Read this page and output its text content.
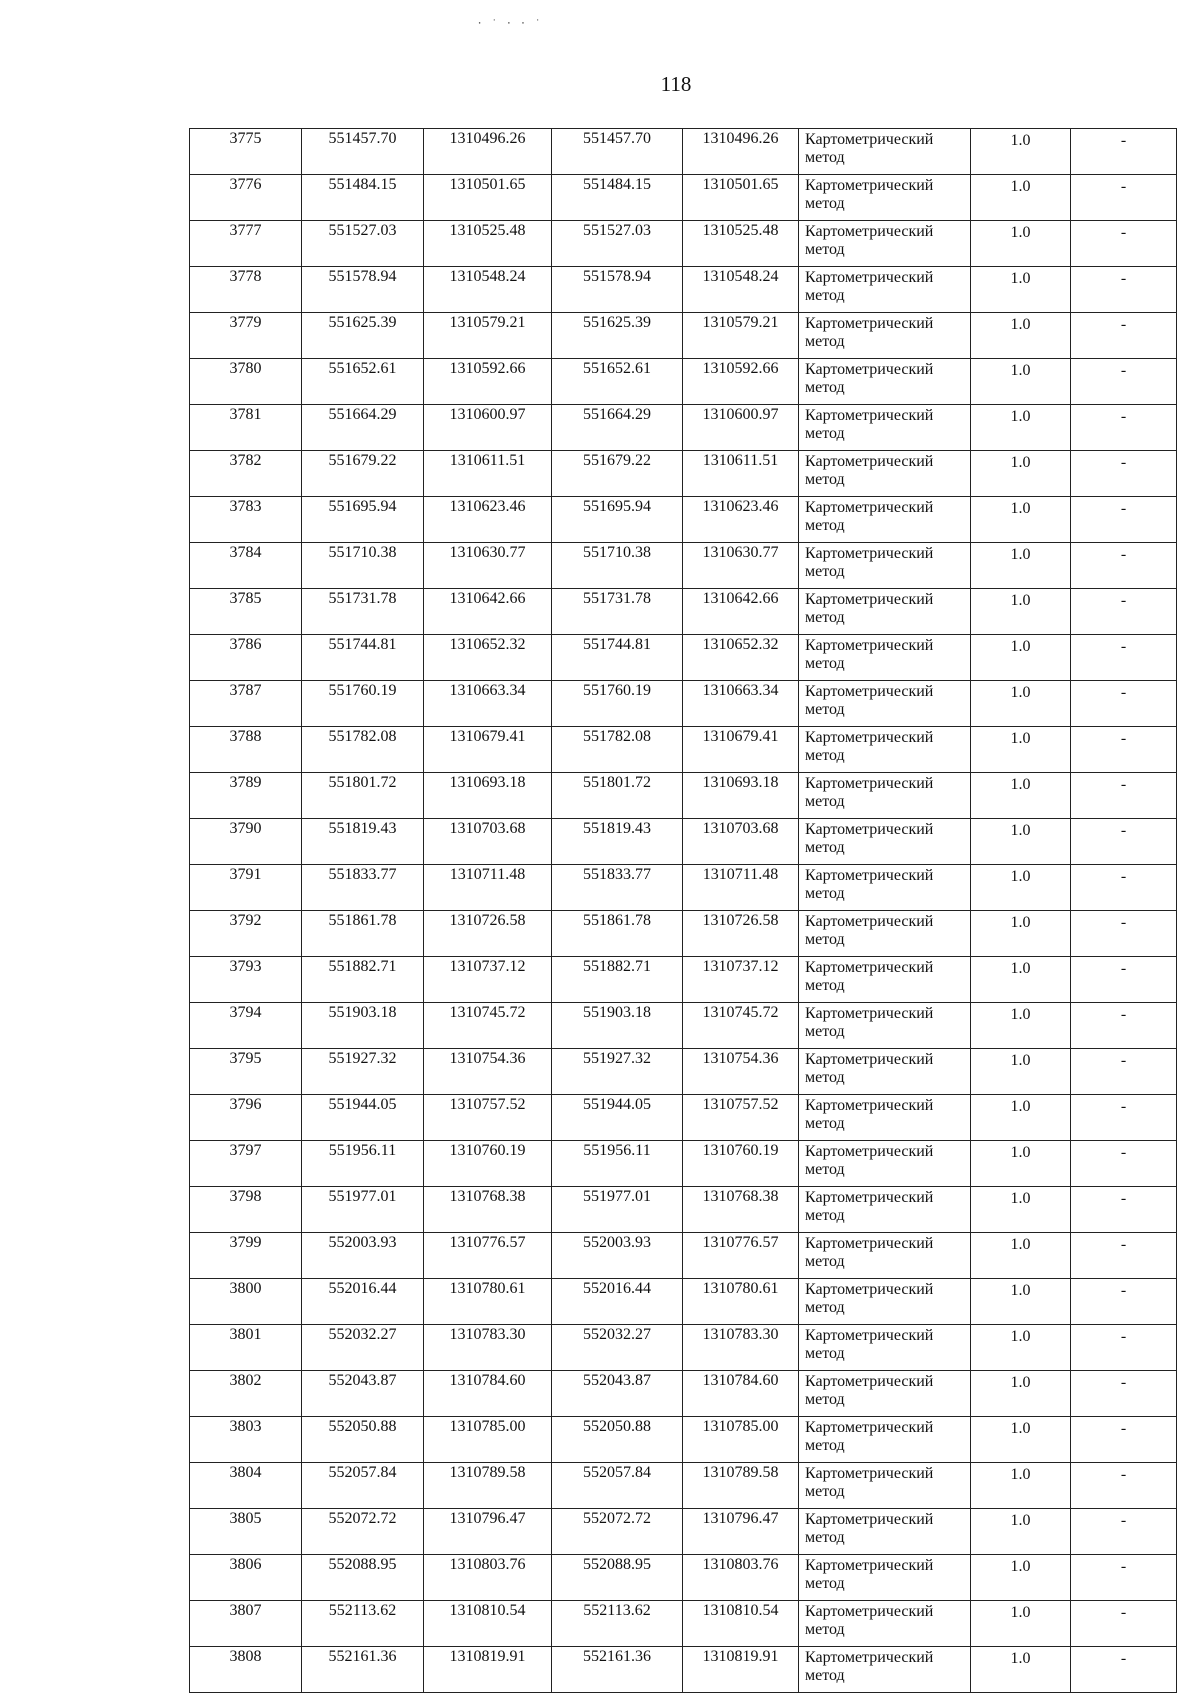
⸱ ˙ ⸱ ⸱ ˙
118
3775	551457.70	1310496.26	551457.70	1310496.26	Картометрический
метод	1.0	-
3776	551484.15	1310501.65	551484.15	1310501.65	Картометрический
метод	1.0	-
3777	551527.03	1310525.48	551527.03	1310525.48	Картометрический
метод	1.0	-
3778	551578.94	1310548.24	551578.94	1310548.24	Картометрический
метод	1.0	-
3779	551625.39	1310579.21	551625.39	1310579.21	Картометрический
метод	1.0	-
3780	551652.61	1310592.66	551652.61	1310592.66	Картометрический
метод	1.0	-
3781	551664.29	1310600.97	551664.29	1310600.97	Картометрический
метод	1.0	-
3782	551679.22	1310611.51	551679.22	1310611.51	Картометрический
метод	1.0	-
3783	551695.94	1310623.46	551695.94	1310623.46	Картометрический
метод	1.0	-
3784	551710.38	1310630.77	551710.38	1310630.77	Картометрический
метод	1.0	-
3785	551731.78	1310642.66	551731.78	1310642.66	Картометрический
метод	1.0	-
3786	551744.81	1310652.32	551744.81	1310652.32	Картометрический
метод	1.0	-
3787	551760.19	1310663.34	551760.19	1310663.34	Картометрический
метод	1.0	-
3788	551782.08	1310679.41	551782.08	1310679.41	Картометрический
метод	1.0	-
3789	551801.72	1310693.18	551801.72	1310693.18	Картометрический
метод	1.0	-
3790	551819.43	1310703.68	551819.43	1310703.68	Картометрический
метод	1.0	-
3791	551833.77	1310711.48	551833.77	1310711.48	Картометрический
метод	1.0	-
3792	551861.78	1310726.58	551861.78	1310726.58	Картометрический
метод	1.0	-
3793	551882.71	1310737.12	551882.71	1310737.12	Картометрический
метод	1.0	-
3794	551903.18	1310745.72	551903.18	1310745.72	Картометрический
метод	1.0	-
3795	551927.32	1310754.36	551927.32	1310754.36	Картометрический
метод	1.0	-
3796	551944.05	1310757.52	551944.05	1310757.52	Картометрический
метод	1.0	-
3797	551956.11	1310760.19	551956.11	1310760.19	Картометрический
метод	1.0	-
3798	551977.01	1310768.38	551977.01	1310768.38	Картометрический
метод	1.0	-
3799	552003.93	1310776.57	552003.93	1310776.57	Картометрический
метод	1.0	-
3800	552016.44	1310780.61	552016.44	1310780.61	Картометрический
метод	1.0	-
3801	552032.27	1310783.30	552032.27	1310783.30	Картометрический
метод	1.0	-
3802	552043.87	1310784.60	552043.87	1310784.60	Картометрический
метод	1.0	-
3803	552050.88	1310785.00	552050.88	1310785.00	Картометрический
метод	1.0	-
3804	552057.84	1310789.58	552057.84	1310789.58	Картометрический
метод	1.0	-
3805	552072.72	1310796.47	552072.72	1310796.47	Картометрический
метод	1.0	-
3806	552088.95	1310803.76	552088.95	1310803.76	Картометрический
метод	1.0	-
3807	552113.62	1310810.54	552113.62	1310810.54	Картометрический
метод	1.0	-
3808	552161.36	1310819.91	552161.36	1310819.91	Картометрический
метод	1.0	-
